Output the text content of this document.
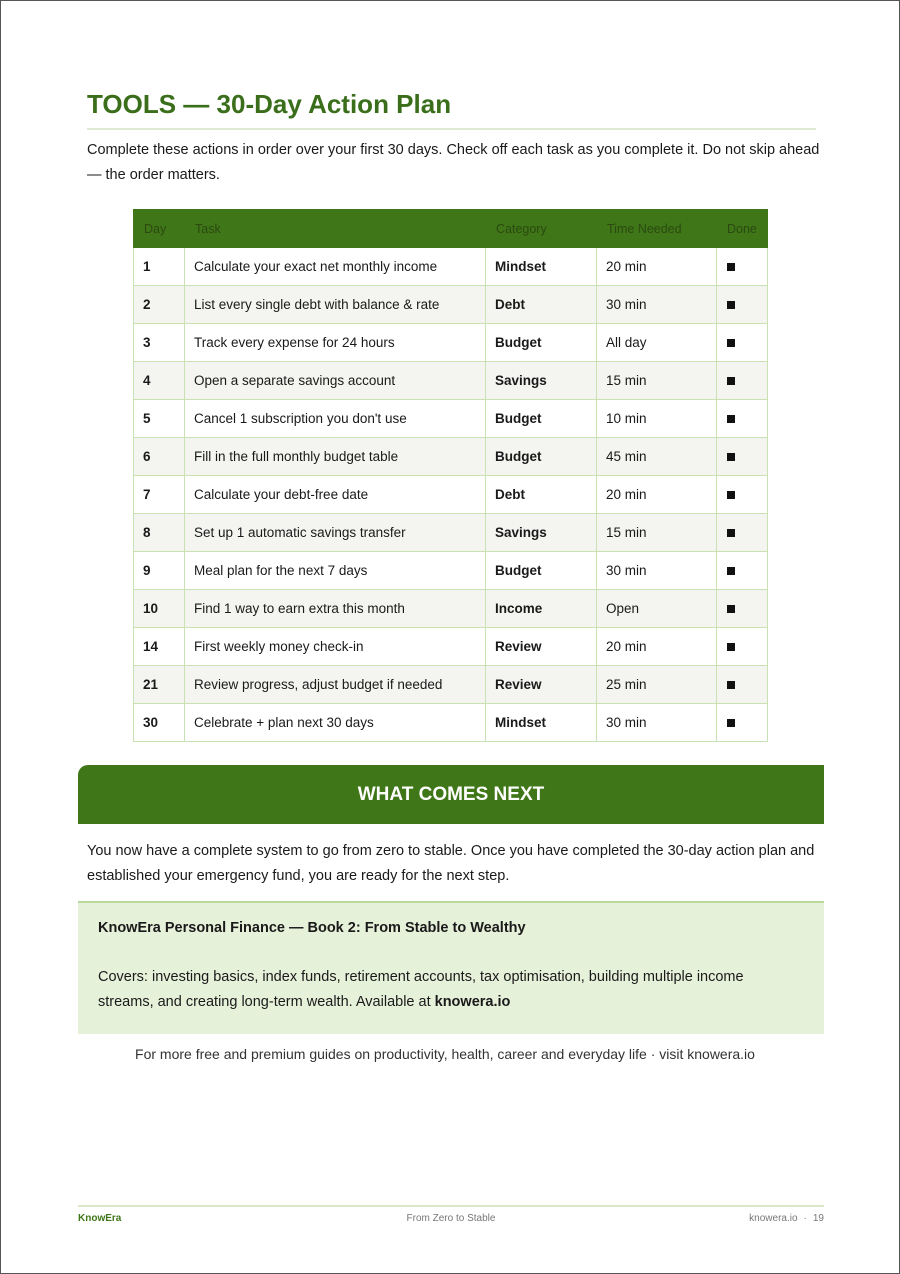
TOOLS — 30-Day Action Plan

Complete these actions in order over your first 30 days. Check off each task as you complete it. Do not skip ahead — the order matters.

Day	Task	Category	Time Needed	Done
1	Calculate your exact net monthly income	Mindset	20 min	
2	List every single debt with balance & rate	Debt	30 min	
3	Track every expense for 24 hours	Budget	All day	
4	Open a separate savings account	Savings	15 min	
5	Cancel 1 subscription you don't use	Budget	10 min	
6	Fill in the full monthly budget table	Budget	45 min	
7	Calculate your debt-free date	Debt	20 min	
8	Set up 1 automatic savings transfer	Savings	15 min	
9	Meal plan for the next 7 days	Budget	30 min	
10	Find 1 way to earn extra this month	Income	Open	
14	First weekly money check-in	Review	20 min	
21	Review progress, adjust budget if needed	Review	25 min	
30	Celebrate + plan next 30 days	Mindset	30 min	
WHAT COMES NEXT

You now have a complete system to go from zero to stable. Once you have completed the 30-day action plan and established your emergency fund, you are ready for the next step.

KnowEra Personal Finance — Book 2: From Stable to Wealthy
Covers: investing basics, index funds, retirement accounts, tax optimisation, building multiple income streams, and creating long-term wealth. Available at knowera.io
For more free and premium guides on productivity, health, career and everyday life · visit knowera.io
KnowEra	From Zero to Stable	knowera.io · 19
